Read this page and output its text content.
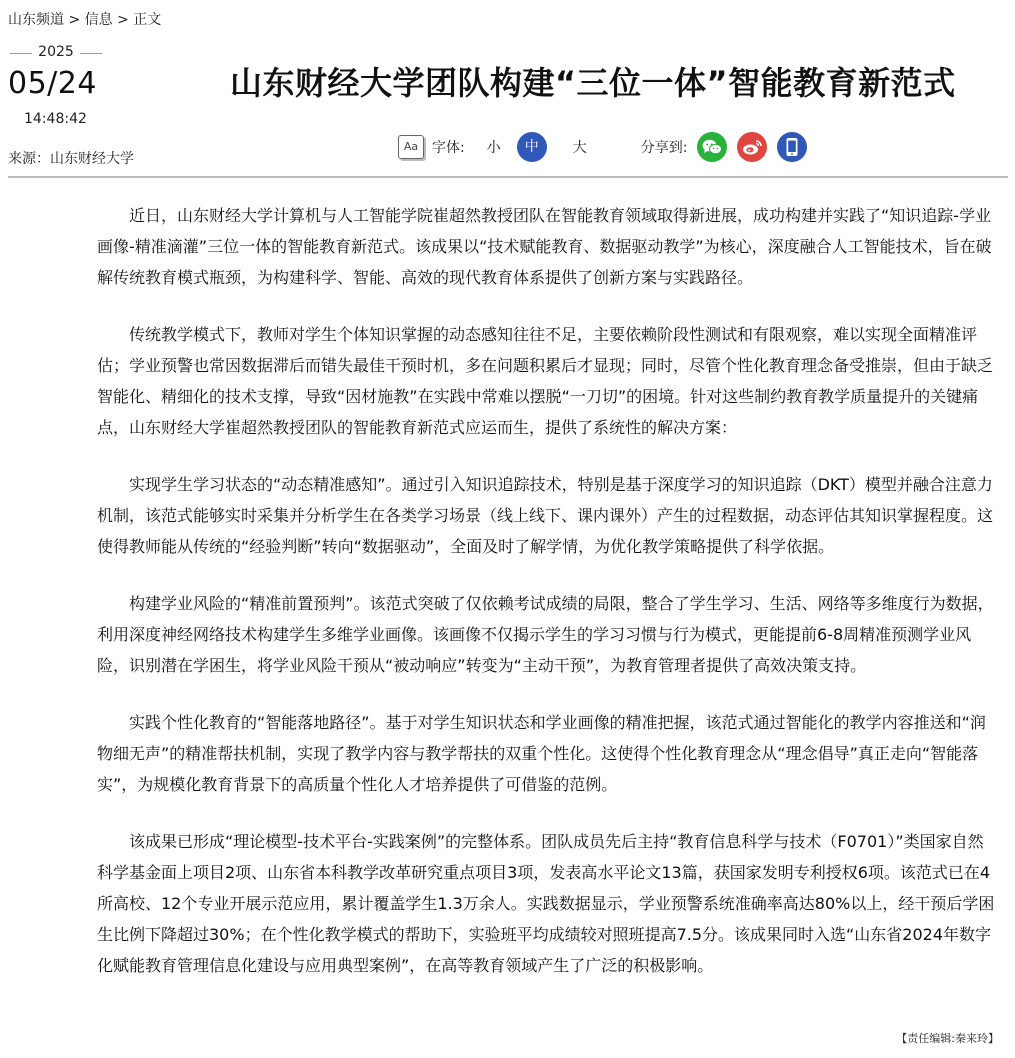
山东频道 > 信息 > 正文
2025
05/24
14:48:42
来源：山东财经大学
山东财经大学团队构建“三位一体”智能教育新范式
Aa 字体: 小	中	大	分享到:

近日，山东财经大学计算机与人工智能学院崔超然教授团队在智能教育领域取得新进展，成功构建并实践了“知识追踪-学业画像-精准滴灌”三位一体的智能教育新范式。该成果以“技术赋能教育、数据驱动教学”为核心，深度融合人工智能技术，旨在破解传统教育模式瓶颈，为构建科学、智能、高效的现代教育体系提供了创新方案与实践路径。

传统教学模式下，教师对学生个体知识掌握的动态感知往往不足，主要依赖阶段性测试和有限观察，难以实现全面精准评估；学业预警也常因数据滞后而错失最佳干预时机，多在问题积累后才显现；同时，尽管个性化教育理念备受推崇，但由于缺乏智能化、精细化的技术支撑，导致“因材施教”在实践中常难以摆脱“一刀切”的困境。针对这些制约教育教学质量提升的关键痛点，山东财经大学崔超然教授团队的智能教育新范式应运而生，提供了系统性的解决方案：

实现学生学习状态的“动态精准感知”。通过引入知识追踪技术，特别是基于深度学习的知识追踪（DKT）模型并融合注意力机制，该范式能够实时采集并分析学生在各类学习场景（线上线下、课内课外）产生的过程数据，动态评估其知识掌握程度。这使得教师能从传统的“经验判断”转向“数据驱动”，全面及时了解学情，为优化教学策略提供了科学依据。

构建学业风险的“精准前置预判”。该范式突破了仅依赖考试成绩的局限，整合了学生学习、生活、网络等多维度行为数据，利用深度神经网络技术构建学生多维学业画像。该画像不仅揭示学生的学习习惯与行为模式，更能提前6-8周精准预测学业风险，识别潜在学困生，将学业风险干预从“被动响应”转变为“主动干预”，为教育管理者提供了高效决策支持。

实践个性化教育的“智能落地路径”。基于对学生知识状态和学业画像的精准把握，该范式通过智能化的教学内容推送和“润物细无声”的精准帮扶机制，实现了教学内容与教学帮扶的双重个性化。这使得个性化教育理念从“理念倡导”真正走向“智能落实”，为规模化教育背景下的高质量个性化人才培养提供了可借鉴的范例。

该成果已形成“理论模型-技术平台-实践案例”的完整体系。团队成员先后主持“教育信息科学与技术（F0701）”类国家自然科学基金面上项目2项、山东省本科教学改革研究重点项目3项，发表高水平论文13篇，获国家发明专利授权6项。该范式已在4所高校、12个专业开展示范应用，累计覆盖学生1.3万余人。实践数据显示，学业预警系统准确率高达80%以上，经干预后学困生比例下降超过30%；在个性化教学模式的帮助下，实验班平均成绩较对照班提高7.5分。该成果同时入选“山东省2024年数字化赋能教育管理信息化建设与应用典型案例”，在高等教育领域产生了广泛的积极影响。

【责任编辑:秦来玲】
